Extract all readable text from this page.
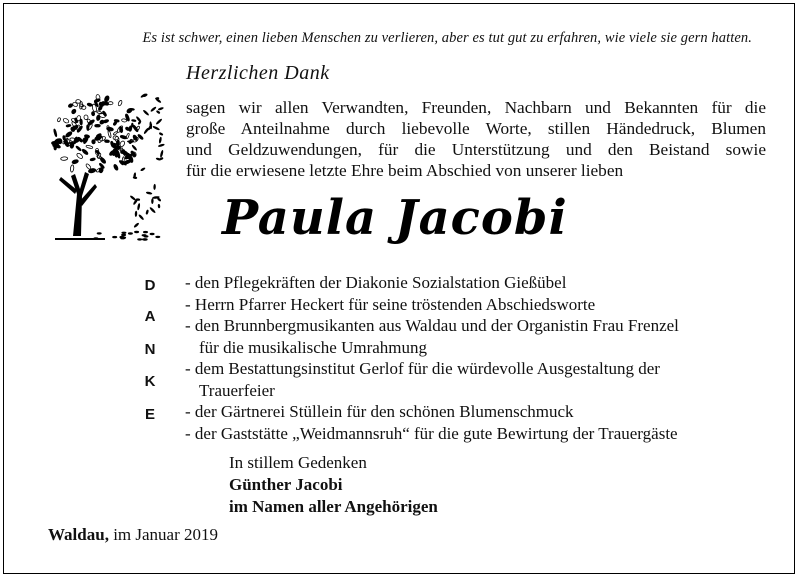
Es ist schwer, einen lieben Menschen zu verlieren, aber es tut gut zu erfahren, wie viele sie gern hatten.
Herzlichen Dank
sagen wir allen Verwandten, Freunden, Nachbarn und Bekannten für die
große Anteilnahme durch liebevolle Worte, stillen Händedruck, Blumen
und Geldzuwendungen, für die Unterstützung und den Beistand sowie
für die erwiesene letzte Ehre beim Abschied von unserer lieben
Paula Jacobi
D
A
N
K
E
- den Pflegekräften der Diakonie Sozialstation Gießübel
- Herrn Pfarrer Heckert für seine tröstenden Abschiedsworte
- den Brunnbergmusikanten aus Waldau und der Organistin Frau Frenzel
für die musikalische Umrahmung
- dem Bestattungsinstitut Gerlof für die würdevolle Ausgestaltung der
Trauerfeier
- der Gärtnerei Stüllein für den schönen Blumenschmuck
- der Gaststätte „Weidmannsruh“ für die gute Bewirtung der Trauergäste
In stillem Gedenken
Günther Jacobi
im Namen aller Angehörigen
Waldau, im Januar 2019
